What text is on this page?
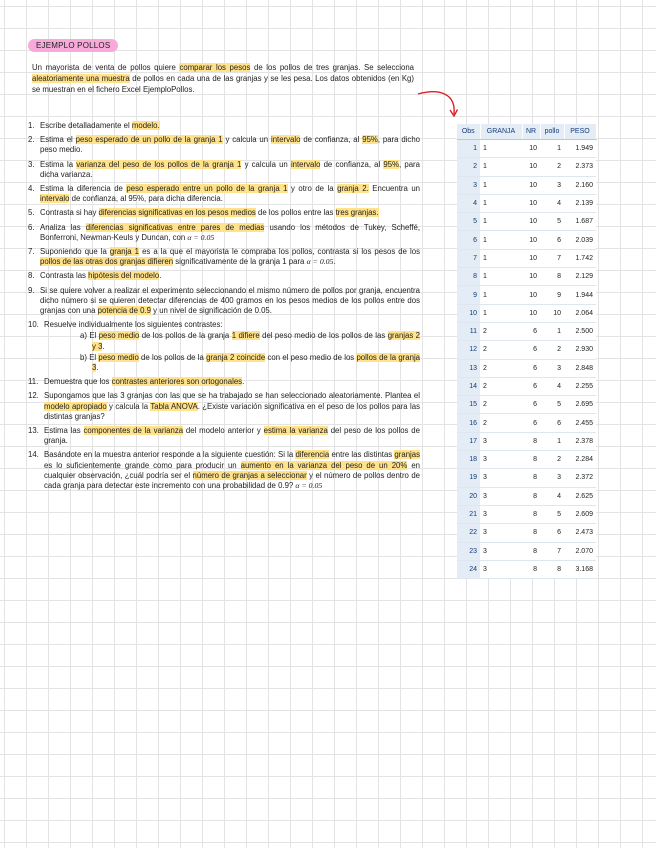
EJEMPLO POLLOS
Un mayorista de venta de pollos quiere comparar los pesos de los pollos de tres granjas. Se selecciona aleatoriamente una muestra de pollos en cada una de las granjas y se les pesa. Los datos obtenidos (en Kg) se muestran en el fichero Excel EjemploPollos.
1. Escribe detalladamente el modelo.
2. Estima el peso esperado de un pollo de la granja 1 y calcula un intervalo de confianza, al 95%, para dicho peso medio.
3. Estima la varianza del peso de los pollos de la granja 1 y calcula un intervalo de confianza, al 95%, para dicha varianza.
4. Estima la diferencia de peso esperado entre un pollo de la granja 1 y otro de la granja 2. Encuentra un intervalo de confianza, al 95%, para dicha diferencia.
5. Contrasta si hay diferencias significativas en los pesos medios de los pollos entre las tres granjas.
6. Analiza las diferencias significativas entre pares de medias usando los métodos de Tukey, Scheffé, Bonferroni, Newman-Keuls y Duncan, con α = 0.05
7. Suponiendo que la granja 1 es a la que el mayorista le compraba los pollos, contrasta si los pesos de los pollos de las otras dos granjas difieren significativamente de la granja 1 para α = 0.05.
8. Contrasta las hipótesis del modelo.
9. Si se quiere volver a realizar el experimento seleccionando el mismo número de pollos por granja, encuentra dicho número si se quieren detectar diferencias de 400 gramos en los pesos medios de los pollos entre dos granjas con una potencia de 0.9 y un nivel de significación de 0.05.
10. Resuelve individualmente los siguientes contrastes:
a) El peso medio de los pollos de la granja 1 difiere del peso medio de los pollos de las granjas 2 y 3.
b) El peso medio de los pollos de la granja 2 coincide con el peso medio de los pollos de la granja 3.
11. Demuestra que los contrastes anteriores son ortogonales.
12. Supongamos que las 3 granjas con las que se ha trabajado se han seleccionado aleatoriamente. Plantea el modelo apropiado y calcula la Tabla ANOVA. ¿Existe variación significativa en el peso de los pollos para las distintas granjas?
13. Estima las componentes de la varianza del modelo anterior y estima la varianza del peso de los pollos de granja.
14. Basándote en la muestra anterior responde a la siguiente cuestión: Si la diferencia entre las distintas granjas es lo suficientemente grande como para producir un aumento en la varianza del peso de un 20% en cualquier observación, ¿cuál podría ser el número de granjas a seleccionar y el número de pollos dentro de cada granja para detectar este incremento con una probabilidad de 0.9? α = 0.05
Obs	GRANJA	NR	pollo	PESO
1	1	10	1	1.949
2	1	10	2	2.373
3	1	10	3	2.160
4	1	10	4	2.139
5	1	10	5	1.687
6	1	10	6	2.039
7	1	10	7	1.742
8	1	10	8	2.129
9	1	10	9	1.944
10	1	10	10	2.064
11	2	6	1	2.500
12	2	6	2	2.930
13	2	6	3	2.848
14	2	6	4	2.255
15	2	6	5	2.695
16	2	6	6	2.455
17	3	8	1	2.378
18	3	8	2	2.284
19	3	8	3	2.372
20	3	8	4	2.625
21	3	8	5	2.609
22	3	8	6	2.473
23	3	8	7	2.070
24	3	8	8	3.168
